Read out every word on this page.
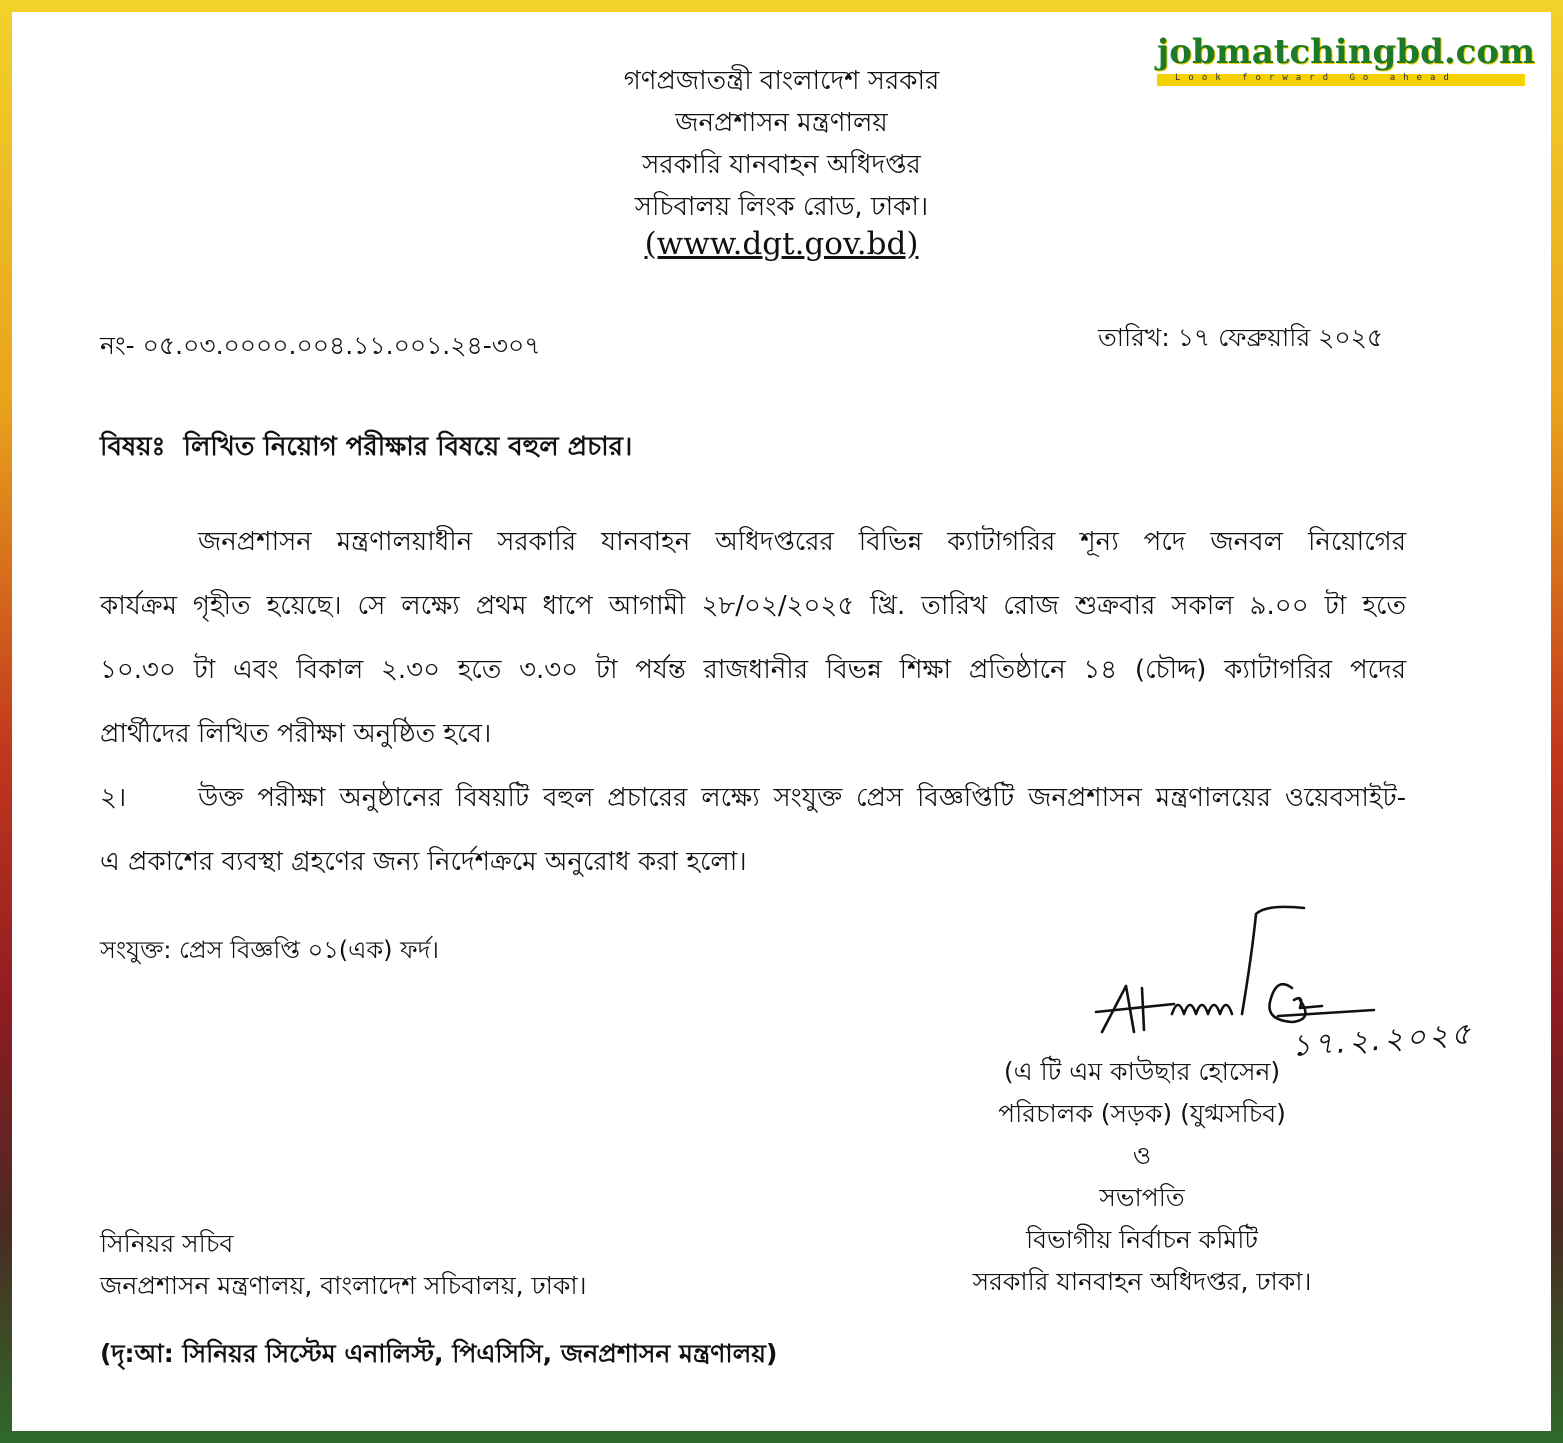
jobmatchingbd.com
Look forward Go ahead
গণপ্রজাতন্ত্রী বাংলাদেশ সরকার
জনপ্রশাসন মন্ত্রণালয়
সরকারি যানবাহন অধিদপ্তর
সচিবালয় লিংক রোড, ঢাকা।
(www.dgt.gov.bd)
নং- ০৫.০৩.০০০০.০০৪.১১.০০১.২৪-৩০৭	তারিখ: ১৭ ফেব্রুয়ারি ২০২৫
বিষয়ঃ লিখিত নিয়োগ পরীক্ষার বিষয়ে বহুল প্রচার।
জনপ্রশাসন মন্ত্রণালয়াধীন সরকারি যানবাহন অধিদপ্তরের বিভিন্ন ক্যাটাগরির শূন্য পদে জনবল নিয়োগের
কার্যক্রম গৃহীত হয়েছে। সে লক্ষ্যে প্রথম ধাপে আগামী ২৮/০২/২০২৫ খ্রি. তারিখ রোজ শুক্রবার সকাল ৯.০০ টা হতে
১০.৩০ টা এবং বিকাল ২.৩০ হতে ৩.৩০ টা পর্যন্ত রাজধানীর বিভন্ন শিক্ষা প্রতিষ্ঠানে ১৪ (চৌদ্দ) ক্যাটাগরির পদের
প্রার্থীদের লিখিত পরীক্ষা অনুষ্ঠিত হবে।
২।	উক্ত পরীক্ষা অনুষ্ঠানের বিষয়টি বহুল প্রচারের লক্ষ্যে সংযুক্ত প্রেস বিজ্ঞপ্তিটি জনপ্রশাসন মন্ত্রণালয়ের ওয়েবসাইট-
এ প্রকাশের ব্যবস্থা গ্রহণের জন্য নির্দেশক্রমে অনুরোধ করা হলো।
সংযুক্ত: প্রেস বিজ্ঞপ্তি ০১(এক) ফর্দ।
১৭.২.২০২৫
(এ টি এম কাউছার হোসেন)
পরিচালক (সড়ক) (যুগ্মসচিব)
ও
সভাপতি
বিভাগীয় নির্বাচন কমিটি
সরকারি যানবাহন অধিদপ্তর, ঢাকা।
সিনিয়র সচিব
জনপ্রশাসন মন্ত্রণালয়, বাংলাদেশ সচিবালয়, ঢাকা।
(দৃ:আ: সিনিয়র সিস্টেম এনালিস্ট, পিএসিসি, জনপ্রশাসন মন্ত্রণালয়)
